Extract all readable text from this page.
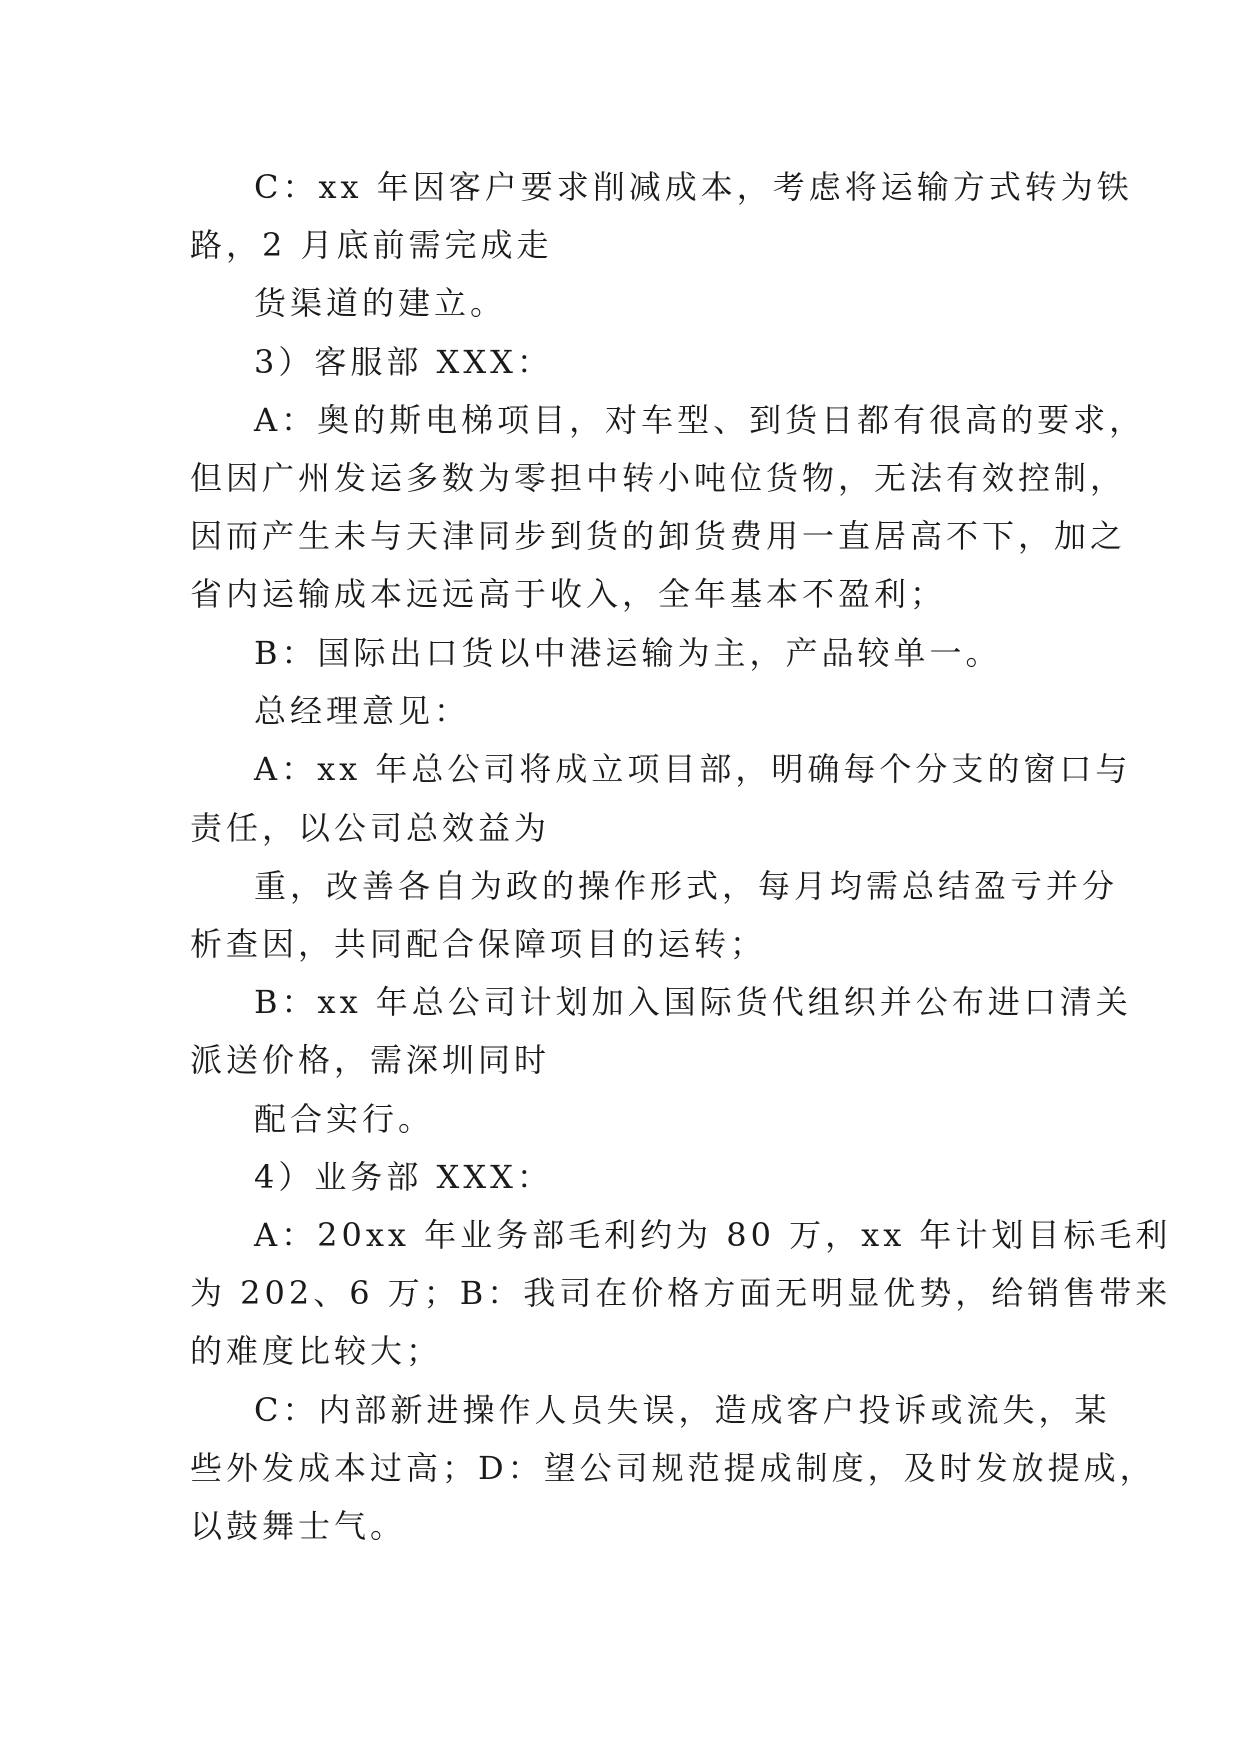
C：xx 年因客户要求削减成本，考虑将运输方式转为铁
路，2 月底前需完成走
货渠道的建立。
3）客服部 XXX：
A：奥的斯电梯项目，对车型、到货日都有很高的要求，
但因广州发运多数为零担中转小吨位货物，无法有效控制，
因而产生未与天津同步到货的卸货费用一直居高不下，加之
省内运输成本远远高于收入，全年基本不盈利；
B：国际出口货以中港运输为主，产品较单一。
总经理意见：
A：xx 年总公司将成立项目部，明确每个分支的窗口与
责任，以公司总效益为
重，改善各自为政的操作形式，每月均需总结盈亏并分
析查因，共同配合保障项目的运转；
B：xx 年总公司计划加入国际货代组织并公布进口清关
派送价格，需深圳同时
配合实行。
4）业务部 XXX：
A：20xx 年业务部毛利约为 80 万，xx 年计划目标毛利
为 202、6 万；B：我司在价格方面无明显优势，给销售带来
的难度比较大；
C：内部新进操作人员失误，造成客户投诉或流失，某
些外发成本过高；D：望公司规范提成制度，及时发放提成，
以鼓舞士气。
